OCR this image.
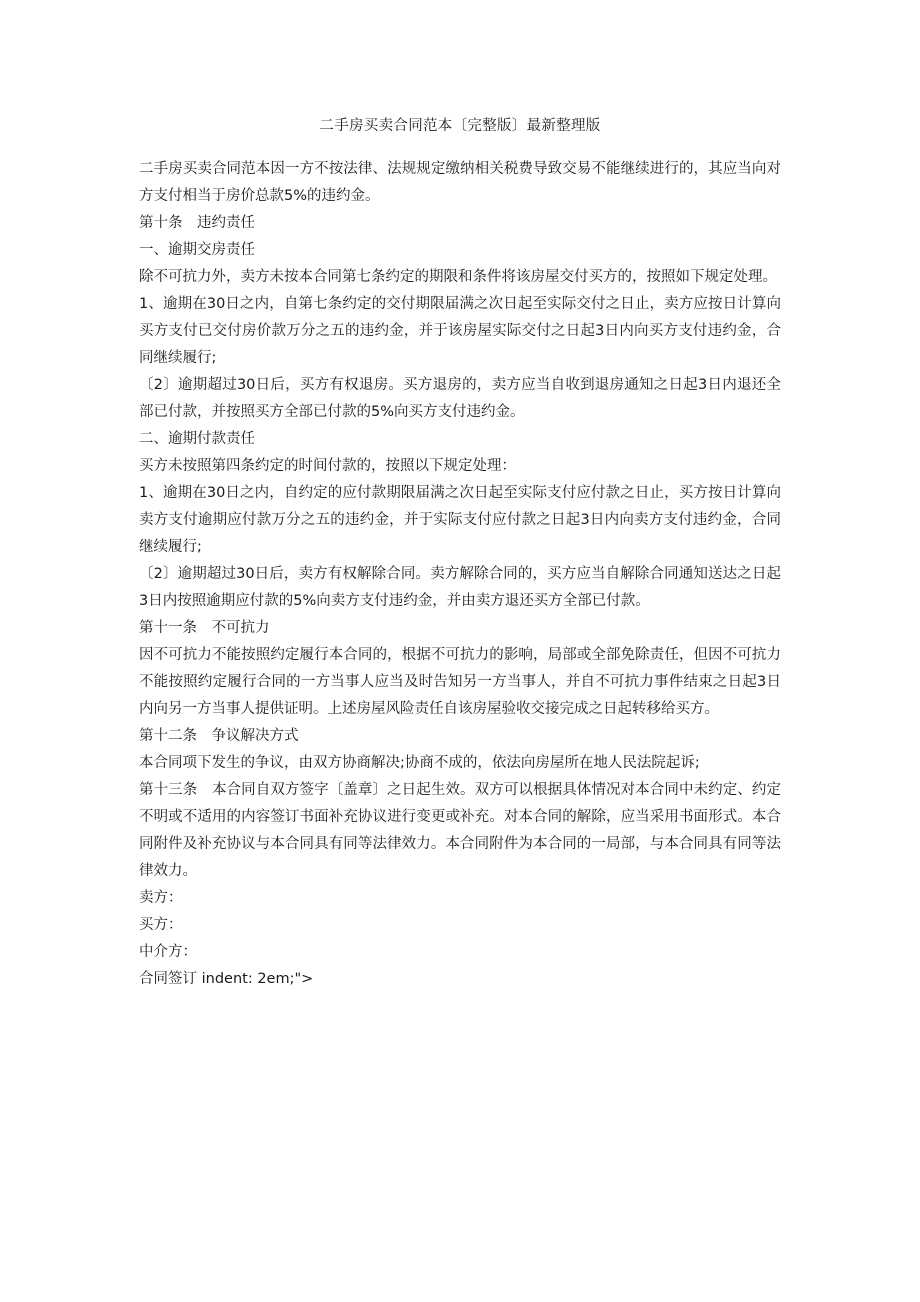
二手房买卖合同范本〔完整版〕最新整理版

二手房买卖合同范本因一方不按法律、法规规定缴纳相关税费导致交易不能继续进行的，其应当向对方支付相当于房价总款5%的违约金。

第十条　违约责任

一、逾期交房责任

除不可抗力外，卖方未按本合同第七条约定的期限和条件将该房屋交付买方的，按照如下规定处理。

1、逾期在30日之内，自第七条约定的交付期限届满之次日起至实际交付之日止，卖方应按日计算向买方支付已交付房价款万分之五的违约金，并于该房屋实际交付之日起3日内向买方支付违约金，合同继续履行;

〔2〕逾期超过30日后，买方有权退房。买方退房的，卖方应当自收到退房通知之日起3日内退还全部已付款，并按照买方全部已付款的5%向买方支付违约金。

二、逾期付款责任

买方未按照第四条约定的时间付款的，按照以下规定处理：

1、逾期在30日之内，自约定的应付款期限届满之次日起至实际支付应付款之日止，买方按日计算向卖方支付逾期应付款万分之五的违约金，并于实际支付应付款之日起3日内向卖方支付违约金，合同继续履行;

〔2〕逾期超过30日后，卖方有权解除合同。卖方解除合同的，买方应当自解除合同通知送达之日起3日内按照逾期应付款的5%向卖方支付违约金，并由卖方退还买方全部已付款。

第十一条　不可抗力

因不可抗力不能按照约定履行本合同的，根据不可抗力的影响，局部或全部免除责任，但因不可抗力不能按照约定履行合同的一方当事人应当及时告知另一方当事人，并自不可抗力事件结束之日起3日内向另一方当事人提供证明。上述房屋风险责任自该房屋验收交接完成之日起转移给买方。

第十二条　争议解决方式

本合同项下发生的争议，由双方协商解决;协商不成的，依法向房屋所在地人民法院起诉;

第十三条　本合同自双方签字〔盖章〕之日起生效。双方可以根据具体情况对本合同中未约定、约定不明或不适用的内容签订书面补充协议进行变更或补充。对本合同的解除，应当采用书面形式。本合同附件及补充协议与本合同具有同等法律效力。本合同附件为本合同的一局部，与本合同具有同等法律效力。

卖方：

买方：

中介方：

合同签订 indent: 2em;">
